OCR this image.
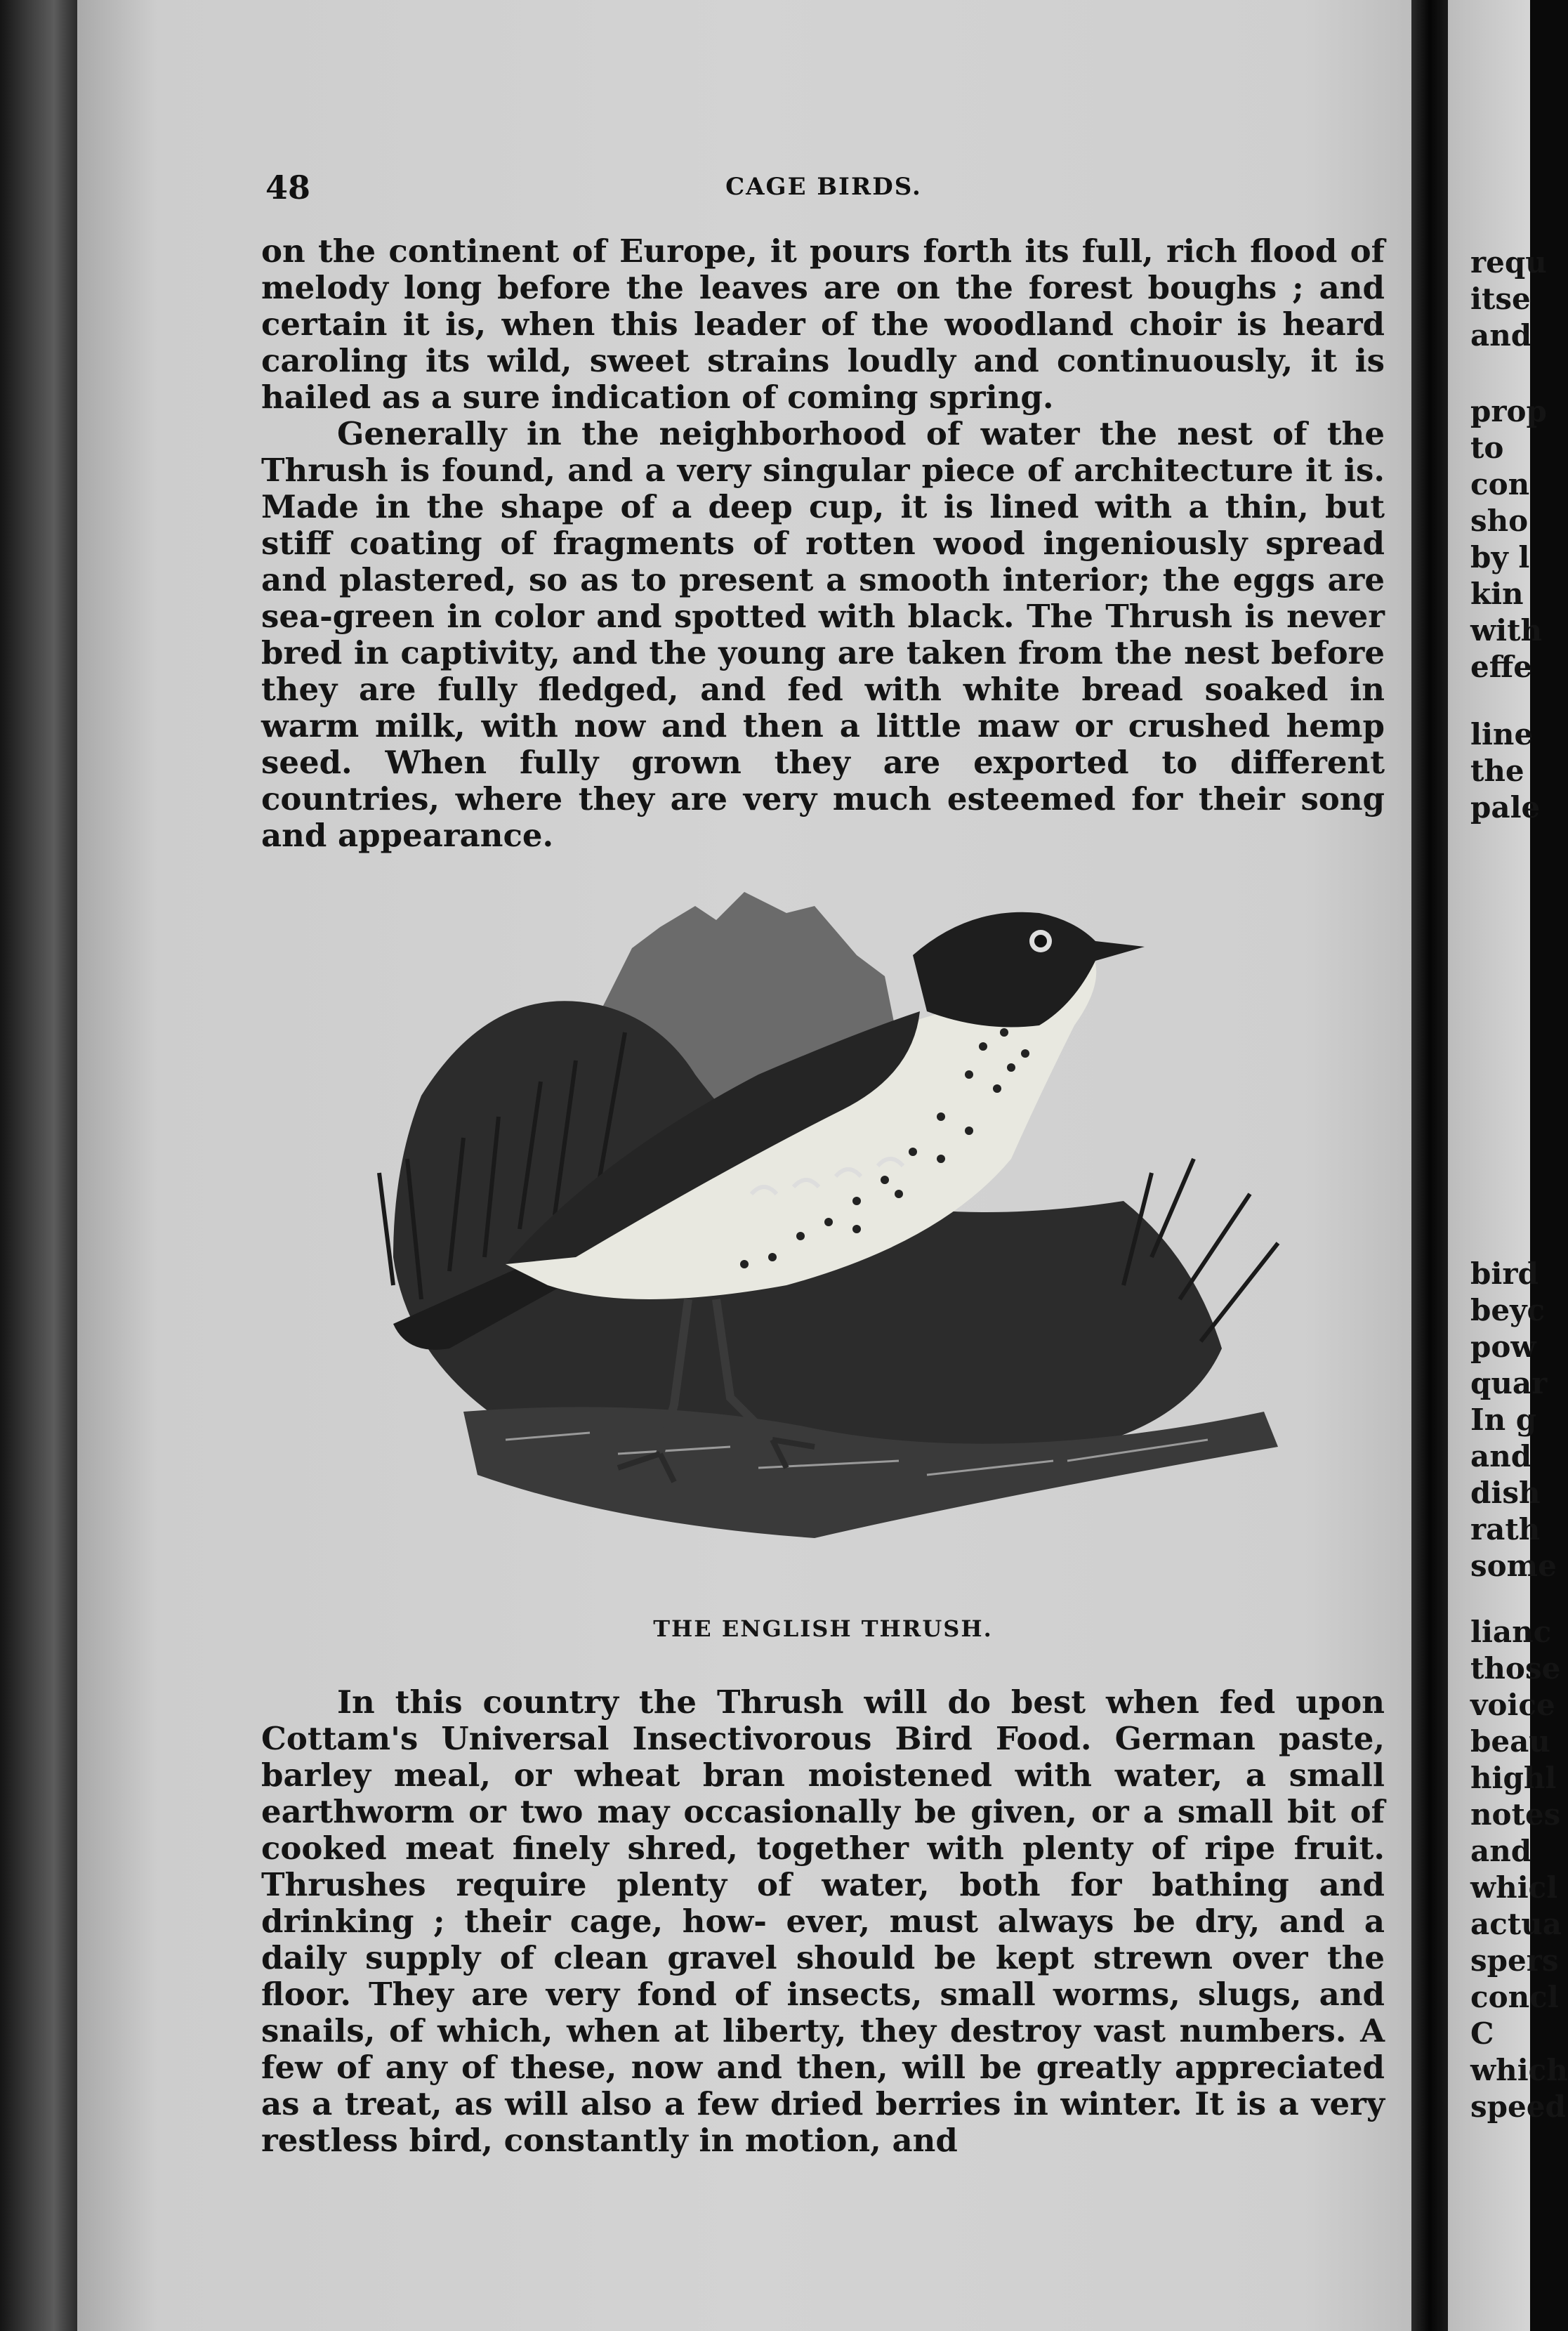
48	CAGE BIRDS.

on the continent of Europe, it pours forth its full, rich flood of melody long before the leaves are on the forest boughs ; and certain it is, when this leader of the woodland choir is heard caroling its wild, sweet strains loudly and continuously, it is hailed as a sure indication of coming spring.

Generally in the neighborhood of water the nest of the Thrush is found, and a very singular piece of architecture it is. Made in the shape of a deep cup, it is lined with a thin, but stiff coating of fragments of rotten wood ingeniously spread and plastered, so as to present a smooth interior; the eggs are sea-green in color and spotted with black. The Thrush is never bred in captivity, and the young are taken from the nest before they are fully fledged, and fed with white bread soaked in warm milk, with now and then a little maw or crushed hemp seed. When fully grown they are exported to different countries, where they are very much esteemed for their song and appearance.

THE ENGLISH THRUSH.

In this country the Thrush will do best when fed upon Cottam's Universal Insectivorous Bird Food. German paste, barley meal, or wheat bran moistened with water, a small earthworm or two may occasionally be given, or a small bit of cooked meat finely shred, together with plenty of ripe fruit. Thrushes require plenty of water, both for bathing and drinking ; their cage, how- ever, must always be dry, and a daily supply of clean gravel should be kept strewn over the floor. They are very fond of insects, small worms, slugs, and snails, of which, when at liberty, they destroy vast numbers. A few of any of these, now and then, will be greatly appreciated as a treat, as will also a few dried berries in winter. It is a very restless bird, constantly in motion, and

requ
itse
and
prop
to
con
sho
by l
kin
with
effe
line
the
pale
bird
beyc
pow
quar
In g
and
dish
rath
some
lianc
those
voice
beau
highl
notes
and
whicl
actua
spers
concl
C
which
speed
